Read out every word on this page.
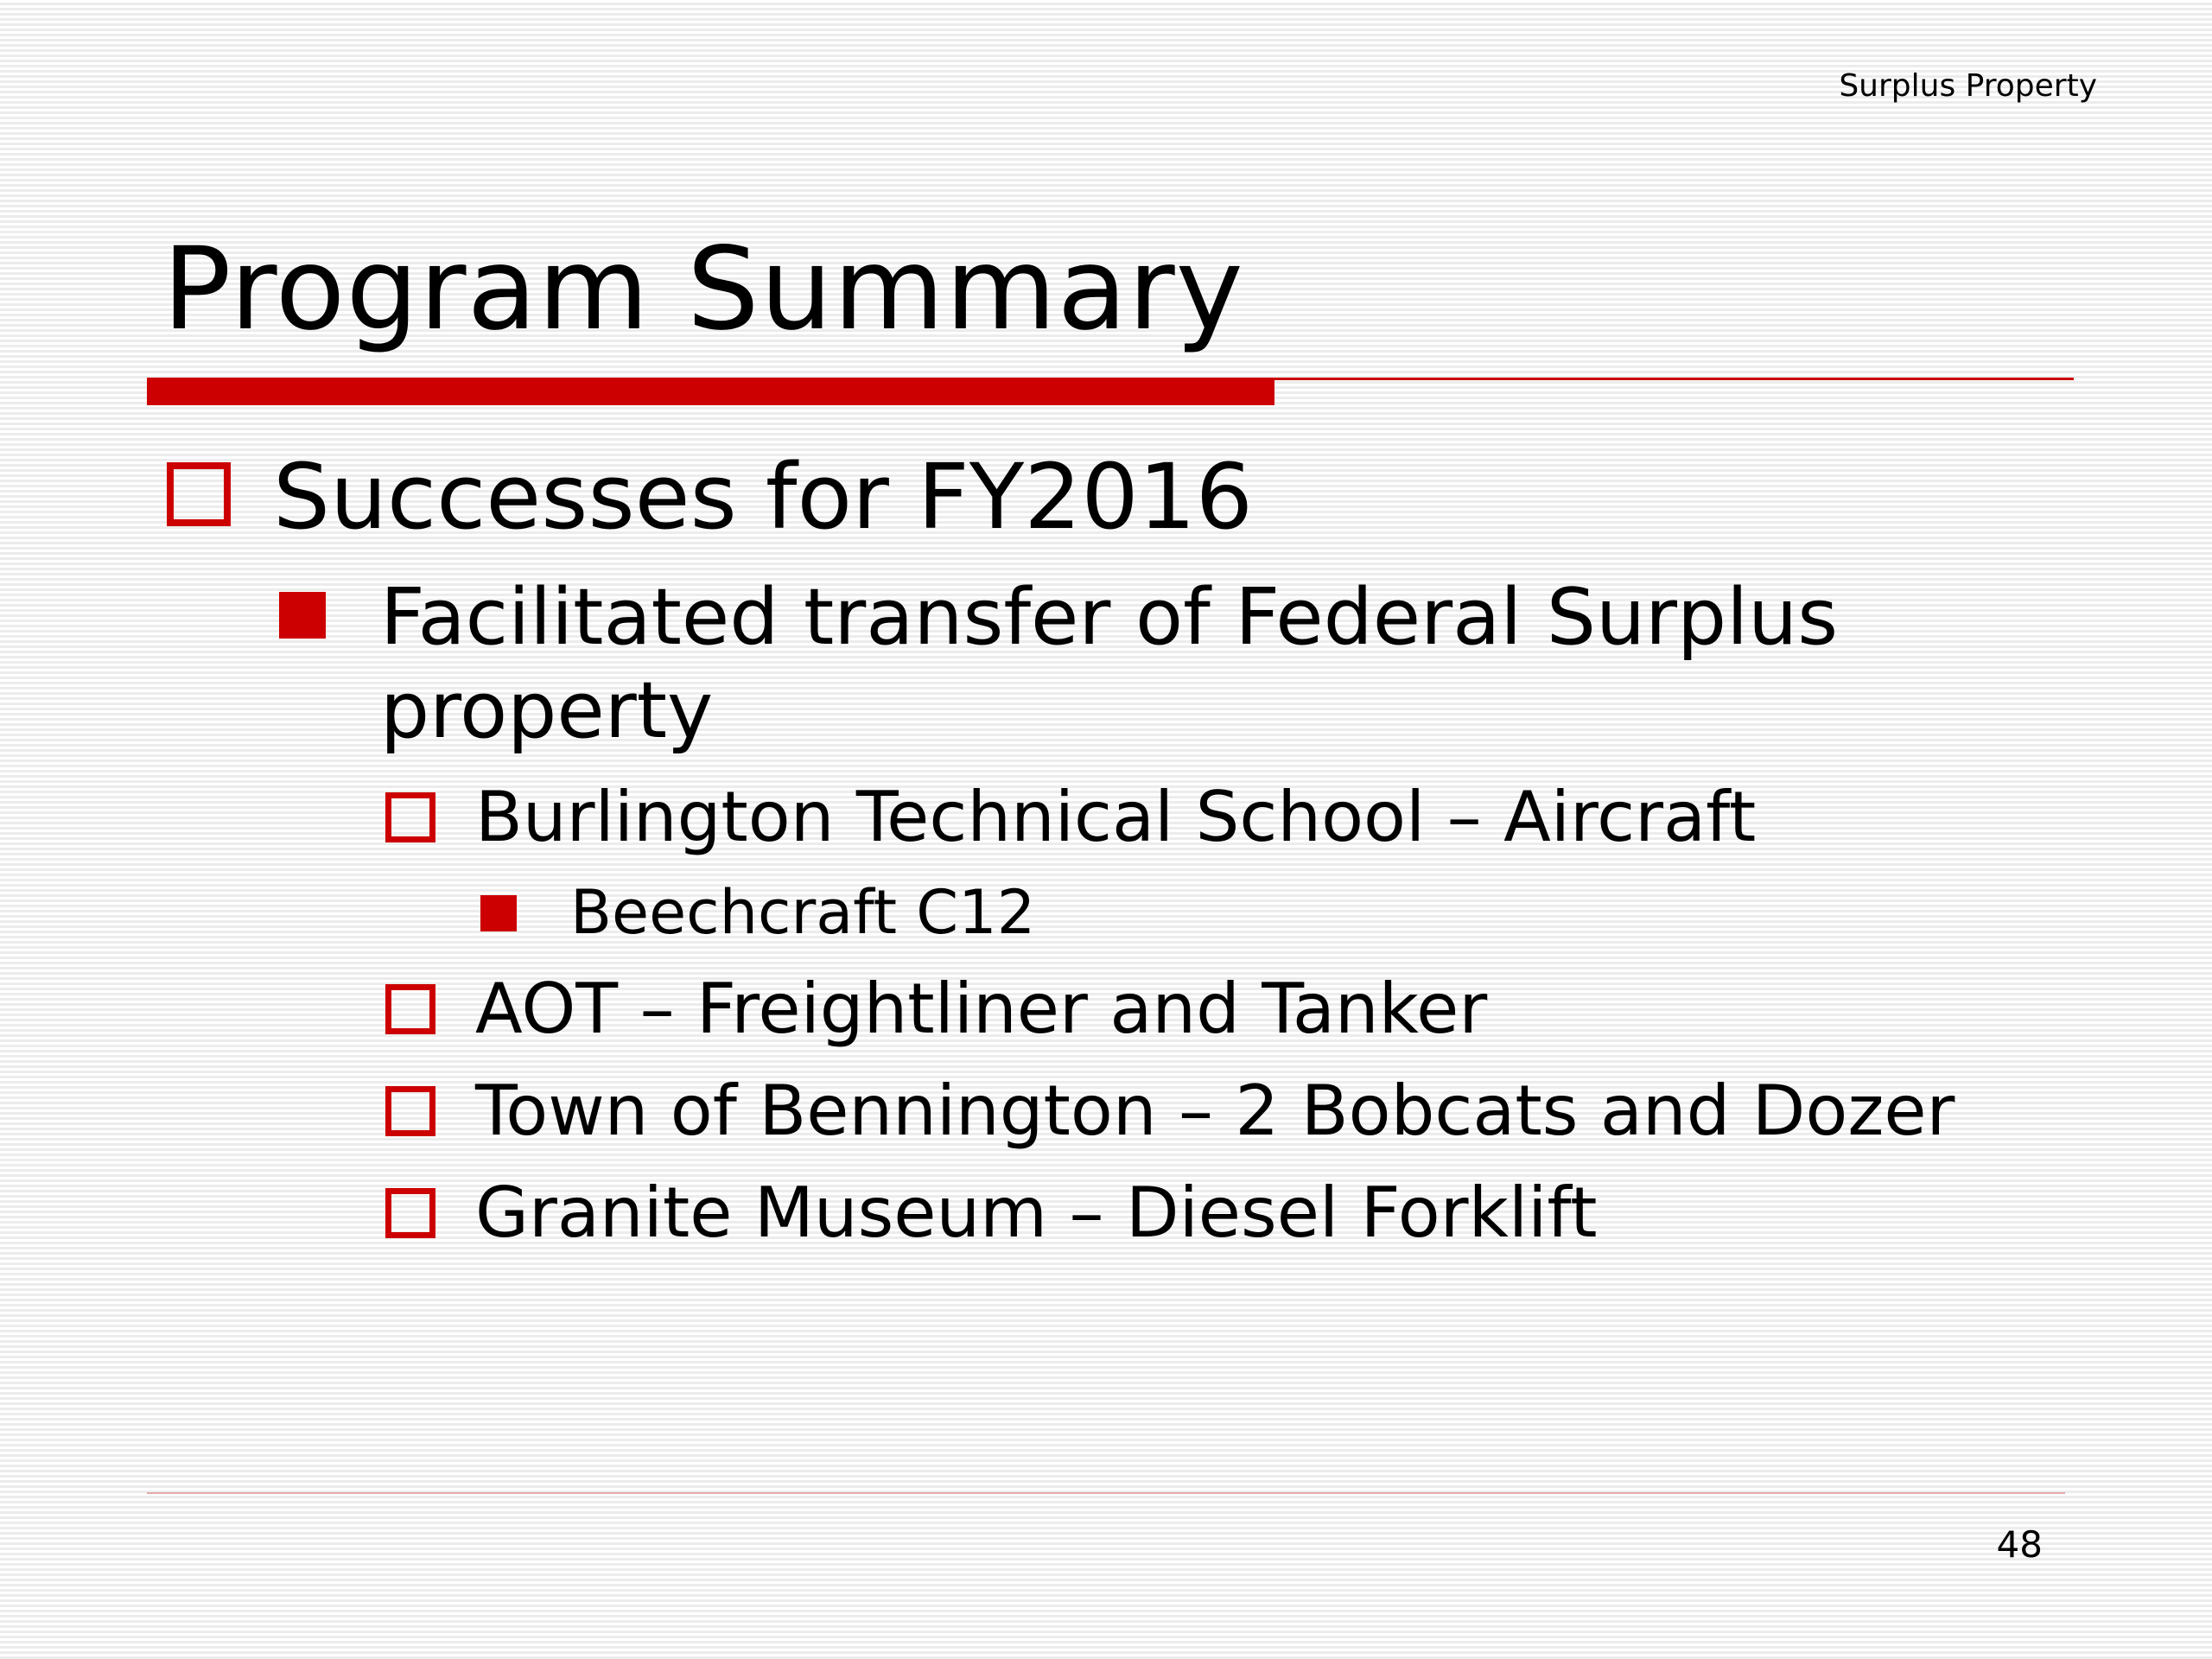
Surplus Property
Program Summary
Successes for FY2016
Facilitated transfer of Federal Surplus
property
Burlington Technical School – Aircraft
Beechcraft C12
AOT – Freightliner and Tanker
Town of Bennington – 2 Bobcats and Dozer
Granite Museum – Diesel Forklift
48
